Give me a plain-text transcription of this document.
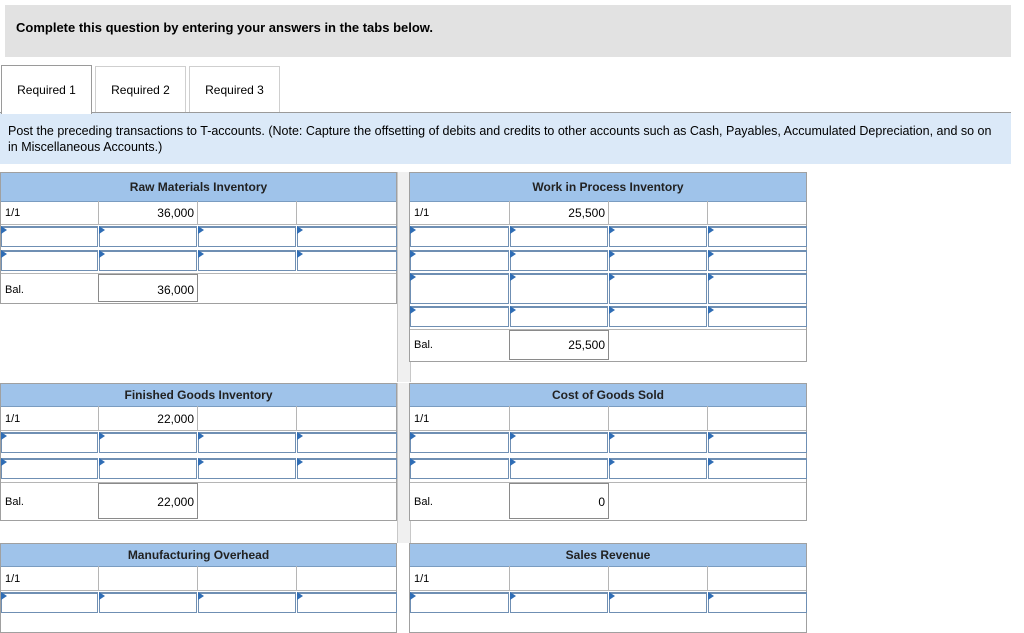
Complete this question by entering your answers in the tabs below.
Required 1	Required 2	Required 3
Post the preceding transactions to T-accounts. (Note: Capture the offsetting of debits and credits to other accounts such as Cash, Payables, Accumulated Depreciation, and so on in Miscellaneous Accounts.)
Raw Materials Inventory
1/1	36,000
Bal.	36,000
Work in Process Inventory
1/1	25,500
Bal.	25,500
Finished Goods Inventory
1/1	22,000
Bal.	22,000
Cost of Goods Sold
1/1
Bal.	0
Manufacturing Overhead
1/1
Sales Revenue
1/1
